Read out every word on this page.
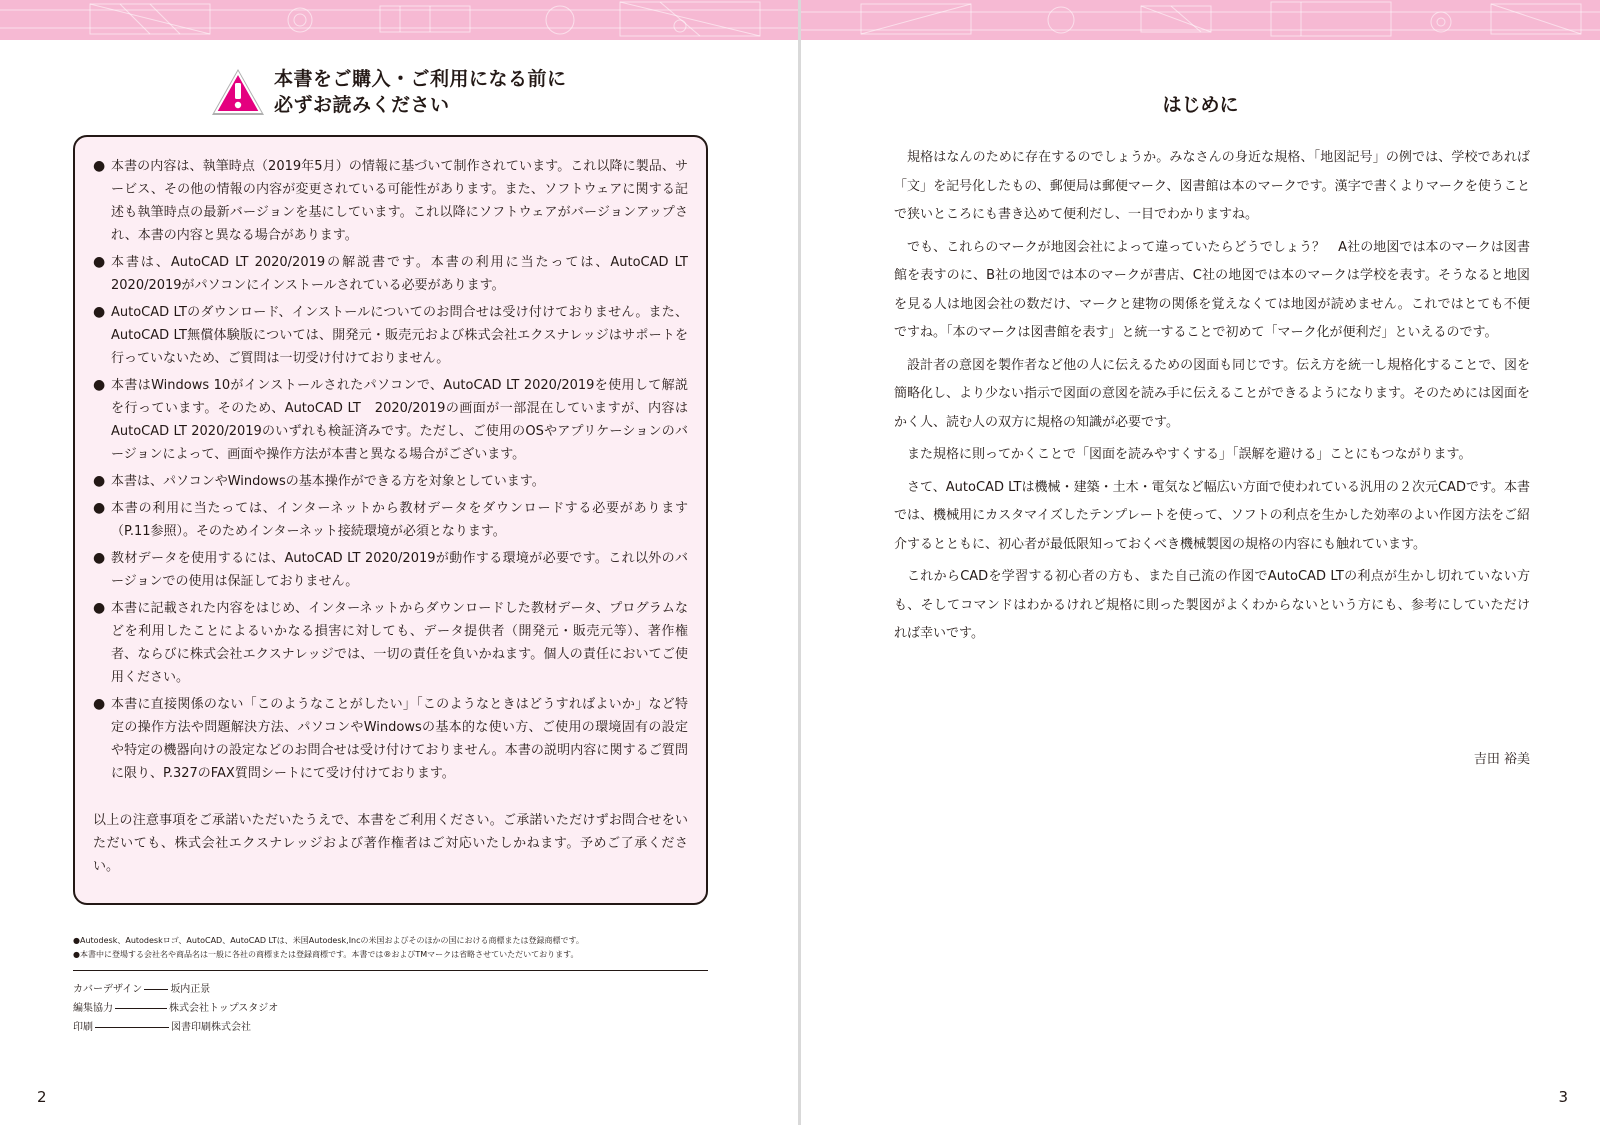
本書をご購入・ご利用になる前に
必ずお読みください
● 本書の内容は、執筆時点（2019年5月）の情報に基づいて制作されています。これ以降に製品、サービス、その他の情報の内容が変更されている可能性があります。また、ソフトウェアに関する記述も執筆時点の最新バージョンを基にしています。これ以降にソフトウェアがバージョンアップされ、本書の内容と異なる場合があります。
● 本書は、AutoCAD LT 2020/2019の解説書です。本書の利用に当たっては、AutoCAD LT 2020/2019がパソコンにインストールされている必要があります。
● AutoCAD LTのダウンロード、インストールについてのお問合せは受け付けておりません。また、AutoCAD LT無償体験版については、開発元・販売元および株式会社エクスナレッジはサポートを行っていないため、ご質問は一切受け付けておりません。
● 本書はWindows 10がインストールされたパソコンで、AutoCAD LT 2020/2019を使用して解説を行っています。そのため、AutoCAD LT　2020/2019の画面が一部混在していますが、内容はAutoCAD LT 2020/2019のいずれも検証済みです。ただし、ご使用のOSやアプリケーションのバージョンによって、画面や操作方法が本書と異なる場合がございます。
● 本書は、パソコンやWindowsの基本操作ができる方を対象としています。
● 本書の利用に当たっては、インターネットから教材データをダウンロードする必要があります（P.11参照）。そのためインターネット接続環境が必須となります。
● 教材データを使用するには、AutoCAD LT 2020/2019が動作する環境が必要です。これ以外のバージョンでの使用は保証しておりません。
● 本書に記載された内容をはじめ、インターネットからダウンロードした教材データ、プログラムなどを利用したことによるいかなる損害に対しても、データ提供者（開発元・販売元等）、著作権者、ならびに株式会社エクスナレッジでは、一切の責任を負いかねます。個人の責任においてご使用ください。
● 本書に直接関係のない「このようなことがしたい」「このようなときはどうすればよいか」など特定の操作方法や問題解決方法、パソコンやWindowsの基本的な使い方、ご使用の環境固有の設定や特定の機器向けの設定などのお問合せは受け付けておりません。本書の説明内容に関するご質問に限り、P.327のFAX質問シートにて受け付けております。

以上の注意事項をご承諾いただいたうえで、本書をご利用ください。ご承諾いただけずお問合せをいただいても、株式会社エクスナレッジおよび著作権者はご対応いたしかねます。予めご了承ください。

●Autodesk、Autodeskロゴ、AutoCAD、AutoCAD LTは、米国Autodesk,Incの米国およびそのほかの国における商標または登録商標です。
●本書中に登場する会社名や商品名は一般に各社の商標または登録商標です。本書では®およびTMマークは省略させていただいております。
カバーデザイン	坂内正景
編集協力	株式会社トップスタジオ
印刷	図書印刷株式会社
2
はじめに

規格はなんのために存在するのでしょうか。みなさんの身近な規格、「地図記号」の例では、学校であれば「文」を記号化したもの、郵便局は郵便マーク、図書館は本のマークです。漢字で書くよりマークを使うことで狭いところにも書き込めて便利だし、一目でわかりますね。

でも、これらのマークが地図会社によって違っていたらどうでしょう？　A社の地図では本のマークは図書館を表すのに、B社の地図では本のマークが書店、C社の地図では本のマークは学校を表す。そうなると地図を見る人は地図会社の数だけ、マークと建物の関係を覚えなくては地図が読めません。これではとても不便ですね。「本のマークは図書館を表す」と統一することで初めて「マーク化が便利だ」といえるのです。

設計者の意図を製作者など他の人に伝えるための図面も同じです。伝え方を統一し規格化することで、図を簡略化し、より少ない指示で図面の意図を読み手に伝えることができるようになります。そのためには図面をかく人、読む人の双方に規格の知識が必要です。

また規格に則ってかくことで「図面を読みやすくする」「誤解を避ける」ことにもつながります。

さて、AutoCAD LTは機械・建築・土木・電気など幅広い方面で使われている汎用の２次元CADです。本書では、機械用にカスタマイズしたテンプレートを使って、ソフトの利点を生かした効率のよい作図方法をご紹介するとともに、初心者が最低限知っておくべき機械製図の規格の内容にも触れています。

これからCADを学習する初心者の方も、また自己流の作図でAutoCAD LTの利点が生かし切れていない方も、そしてコマンドはわかるけれど規格に則った製図がよくわからないという方にも、参考にしていただければ幸いです。

吉田 裕美
3
